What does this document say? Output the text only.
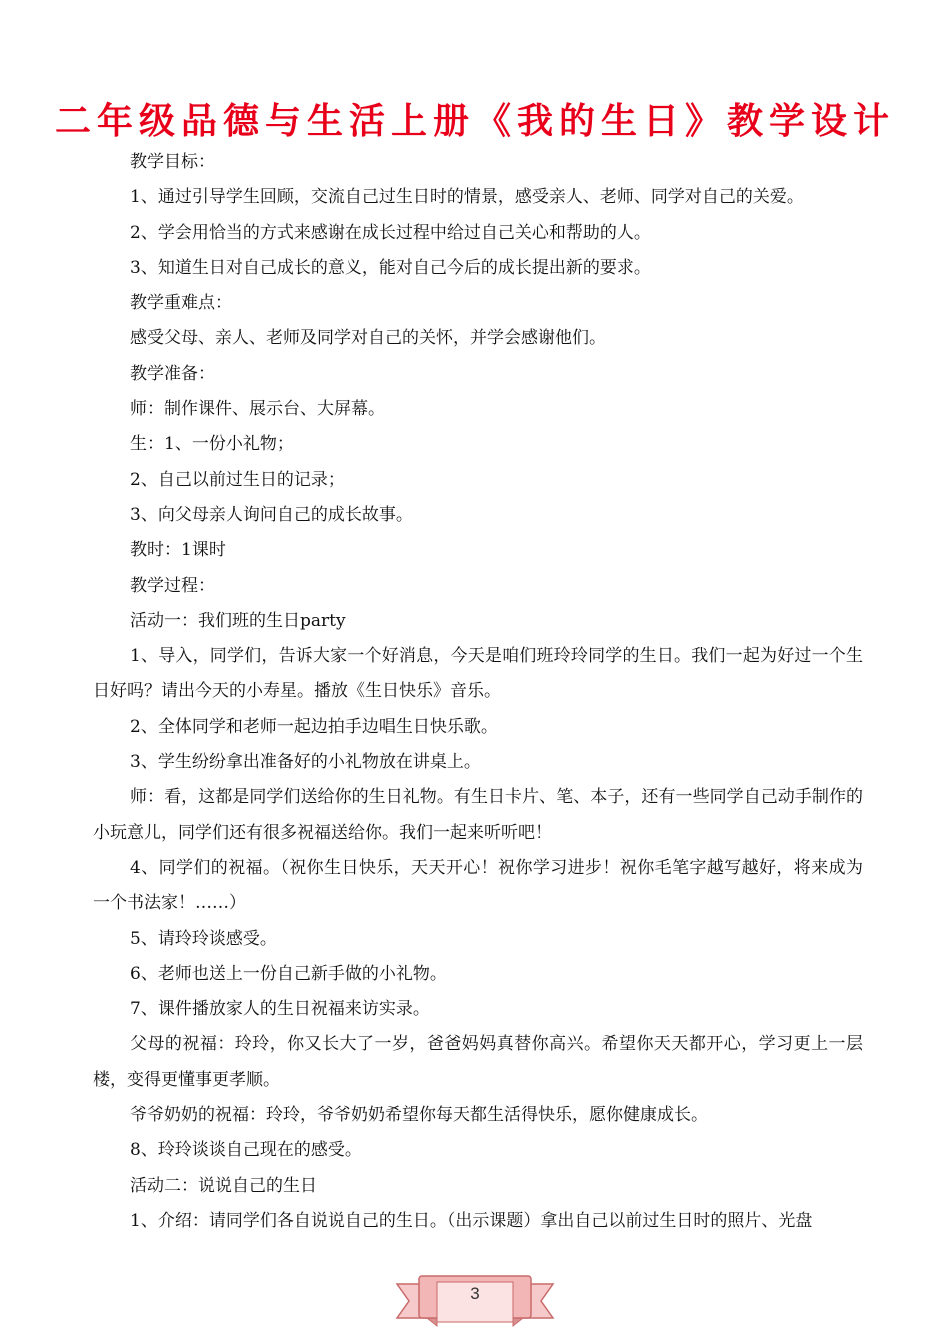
二年级品德与生活上册《我的生日》教学设计

教学目标：

1、通过引导学生回顾，交流自己过生日时的情景，感受亲人、老师、同学对自己的关爱。

2、学会用恰当的方式来感谢在成长过程中给过自己关心和帮助的人。

3、知道生日对自己成长的意义，能对自己今后的成长提出新的要求。

教学重难点：

感受父母、亲人、老师及同学对自己的关怀，并学会感谢他们。

教学准备：

师：制作课件、展示台、大屏幕。

生：1、一份小礼物；

2、自己以前过生日的记录；

3、向父母亲人询问自己的成长故事。

教时：1课时

教学过程：

活动一：我们班的生日party

1、导入，同学们，告诉大家一个好消息，今天是咱们班玲玲同学的生日。我们一起为好过一个生日好吗？请出今天的小寿星。播放《生日快乐》音乐。

2、全体同学和老师一起边拍手边唱生日快乐歌。

3、学生纷纷拿出准备好的小礼物放在讲桌上。

师：看，这都是同学们送给你的生日礼物。有生日卡片、笔、本子，还有一些同学自己动手制作的小玩意儿，同学们还有很多祝福送给你。我们一起来听听吧！

4、同学们的祝福。（祝你生日快乐，天天开心！祝你学习进步！祝你毛笔字越写越好，将来成为一个书法家！……）

5、请玲玲谈感受。

6、老师也送上一份自己新手做的小礼物。

7、课件播放家人的生日祝福来访实录。

父母的祝福：玲玲，你又长大了一岁，爸爸妈妈真替你高兴。希望你天天都开心，学习更上一层楼，变得更懂事更孝顺。

爷爷奶奶的祝福：玲玲，爷爷奶奶希望你每天都生活得快乐，愿你健康成长。

8、玲玲谈谈自己现在的感受。

活动二：说说自己的生日

1、介绍：请同学们各自说说自己的生日。（出示课题）拿出自己以前过生日时的照片、光盘

3
